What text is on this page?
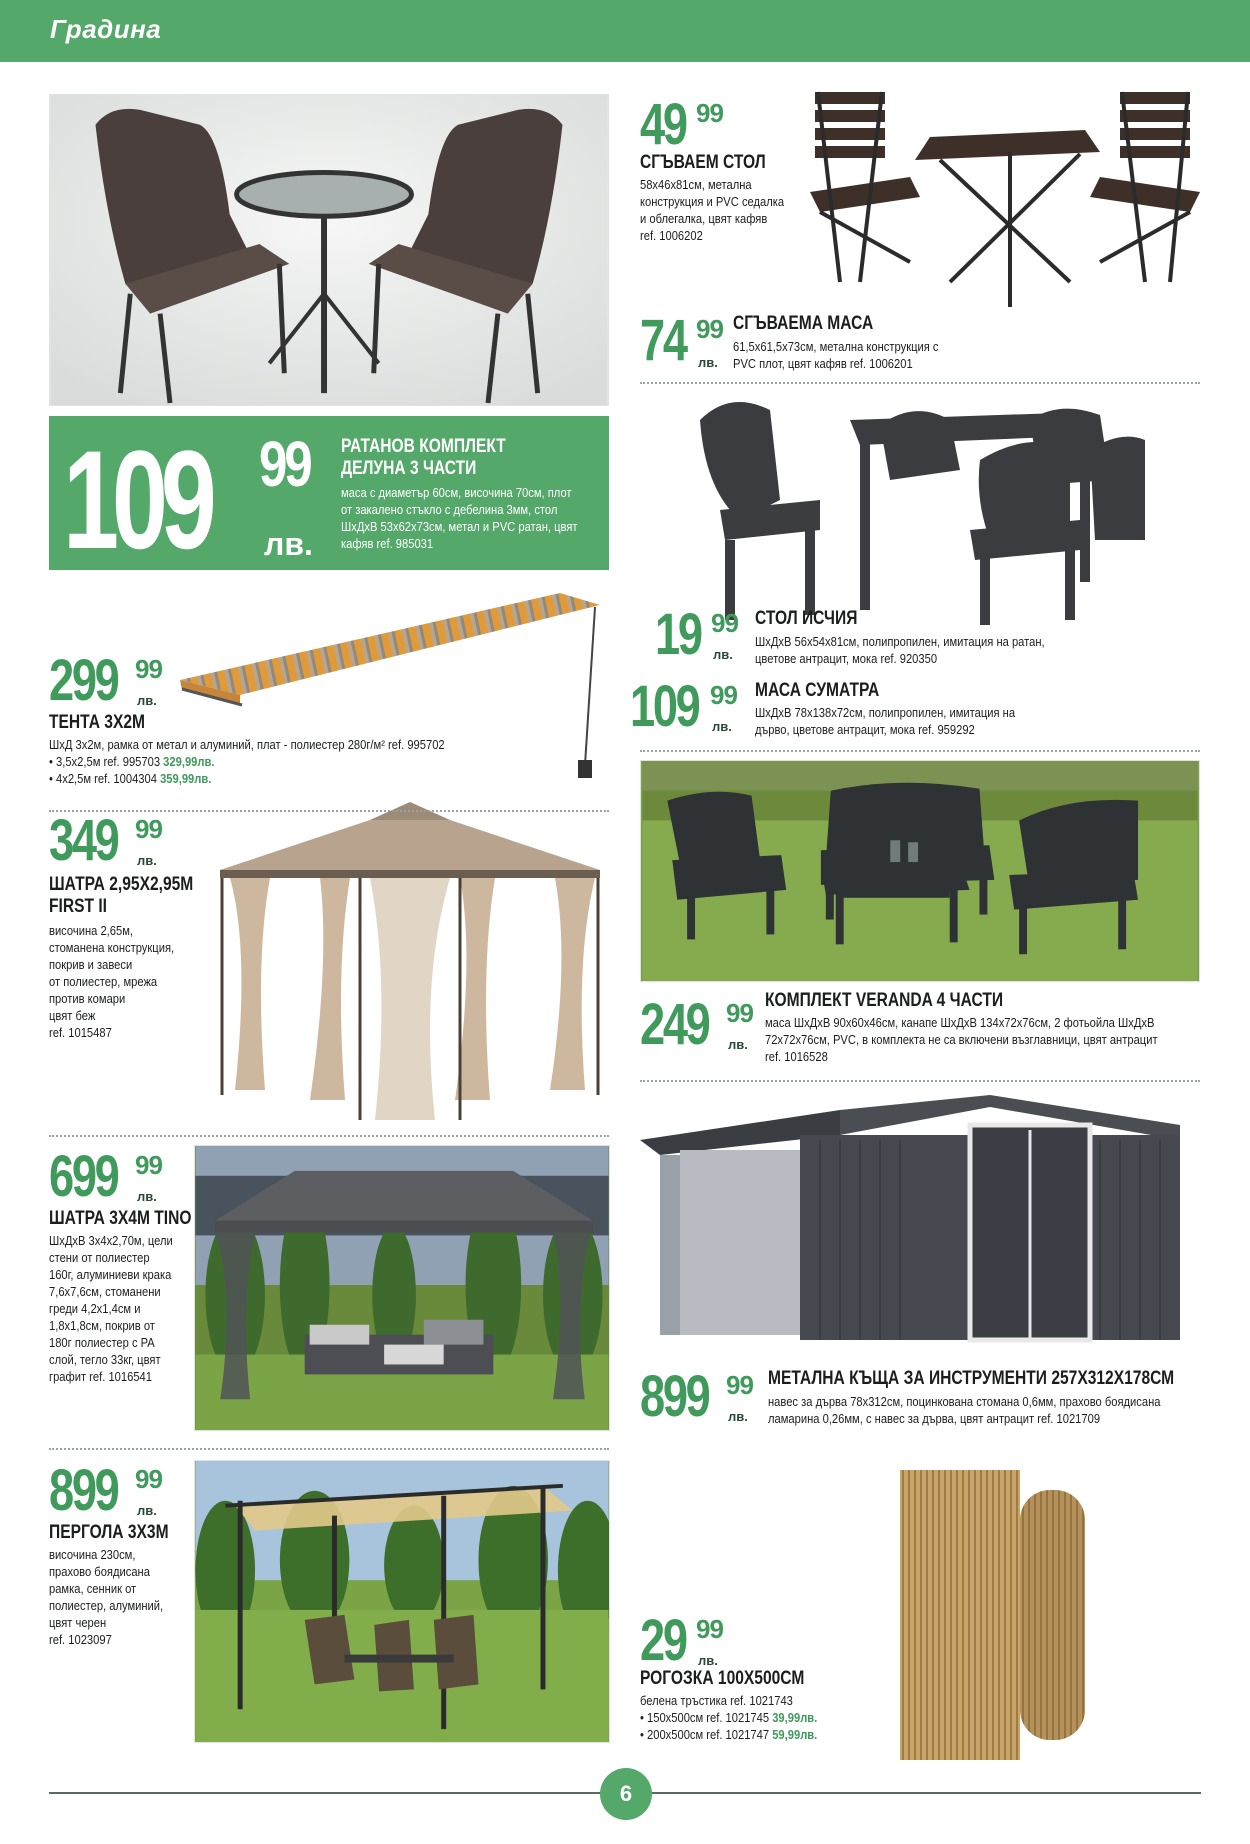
Градина
49 99
СГЪВАЕМ СТОЛ
58х46х81см, метална
конструкция и PVC седалка
и облегалка, цвят кафяв
ref. 1006202
74 99
лв.
СГЪВАЕМА МАСА
61,5х61,5х73см, метална конструкция с
PVC плот, цвят кафяв ref. 1006201
109 99
лв.
РАТАНОВ КОМПЛЕКТ
ДЕЛУНА 3 ЧАСТИ
маса с диаметър 60см, височина 70см, плот
от закалено стъкло с дебелина 3мм, стол
ШхДхВ 53х62х73см, метал и PVC ратан, цвят
кафяв ref. 985031
19 99
лв.
СТОЛ ИСЧИЯ
ШхДхВ 56х54х81см, полипропилен, имитация на ратан,
цветове антрацит, мока ref. 920350
109 99
лв.
МАСА СУМАТРА
ШхДхВ 78х138х72см, полипропилен, имитация на
дърво, цветове антрацит, мока ref. 959292
299 99
лв.
ТЕНТА 3Х2М
ШхД 3х2м, рамка от метал и алуминий, плат - полиестер 280г/м² ref. 995702
• 3,5х2,5м ref. 995703 329,99лв.
• 4х2,5м ref. 1004304 359,99лв.
349 99
лв.
ШАТРА 2,95Х2,95М
FIRST II
височина 2,65м,
стоманена конструкция,
покрив и завеси
от полиестер, мрежа
против комари
цвят беж
ref. 1015487	249 99
лв.
КОМПЛЕКТ VERANDA 4 ЧАСТИ
маса ШхДхВ 90х60х46см, канапе ШхДхВ 134х72х76см, 2 фотьойла ШхДхВ
72х72х76см, PVC, в комплекта не са включени възглавници, цвят антрацит
ref. 1016528
699 99
лв.
ШАТРА 3Х4М TINO
ШхДхВ 3х4х2,70м, цели
стени от полиестер
160г, алуминиеви крака
7,6х7,6см, стоманени
греди 4,2х1,4см и
1,8х1,8см, покрив от
180г полиестер с PA
слой, тегло 33кг, цвят
графит ref. 1016541	899 99
лв.
МЕТАЛНА КЪЩА ЗА ИНСТРУМЕНТИ 257Х312Х178СМ
навес за дърва 78х312см, поцинкована стомана 0,6мм, прахово боядисана
ламарина 0,26мм, с навес за дърва, цвят антрацит ref. 1021709
899 99
лв.
ПЕРГОЛА 3Х3М
височина 230см,
прахово боядисана
рамка, сенник от
полиестер, алуминий,
цвят черен
ref. 1023097	29 99
лв.
РОГОЗКА 100Х500СМ
белена тръстика ref. 1021743
• 150х500см ref. 1021745 39,99лв.
• 200х500см ref. 1021747 59,99лв.
6
